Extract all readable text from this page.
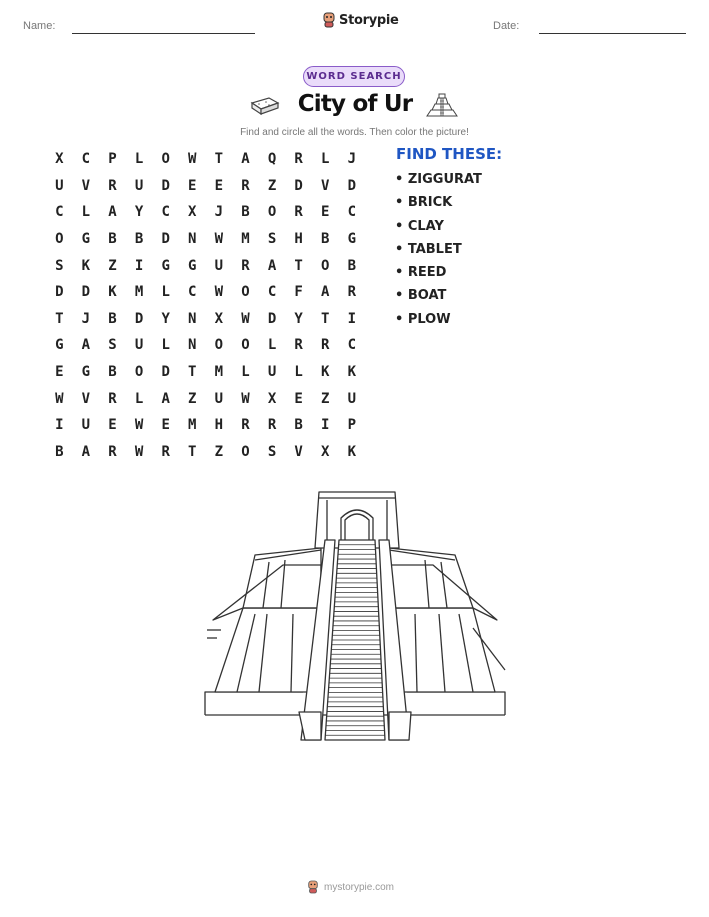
Name:	Storypie	Date:
WORD SEARCH
City of Ur
Find and circle all the words. Then color the picture!
X	C	P	L	O	W	T	A	Q	R	L	J
U	V	R	U	D	E	E	R	Z	D	V	D
C	L	A	Y	C	X	J	B	O	R	E	C
O	G	B	B	D	N	W	M	S	H	B	G
S	K	Z	I	G	G	U	R	A	T	O	B
D	D	K	M	L	C	W	O	C	F	A	R
T	J	B	D	Y	N	X	W	D	Y	T	I
G	A	S	U	L	N	O	O	L	R	R	C
E	G	B	O	D	T	M	L	U	L	K	K
W	V	R	L	A	Z	U	W	X	E	Z	U
I	U	E	W	E	M	H	R	R	B	I	P
B	A	R	W	R	T	Z	O	S	V	X	K
FIND THESE:
• ZIGGURAT
• BRICK
• CLAY
• TABLET
• REED
• BOAT
• PLOW
mystorypie.com
